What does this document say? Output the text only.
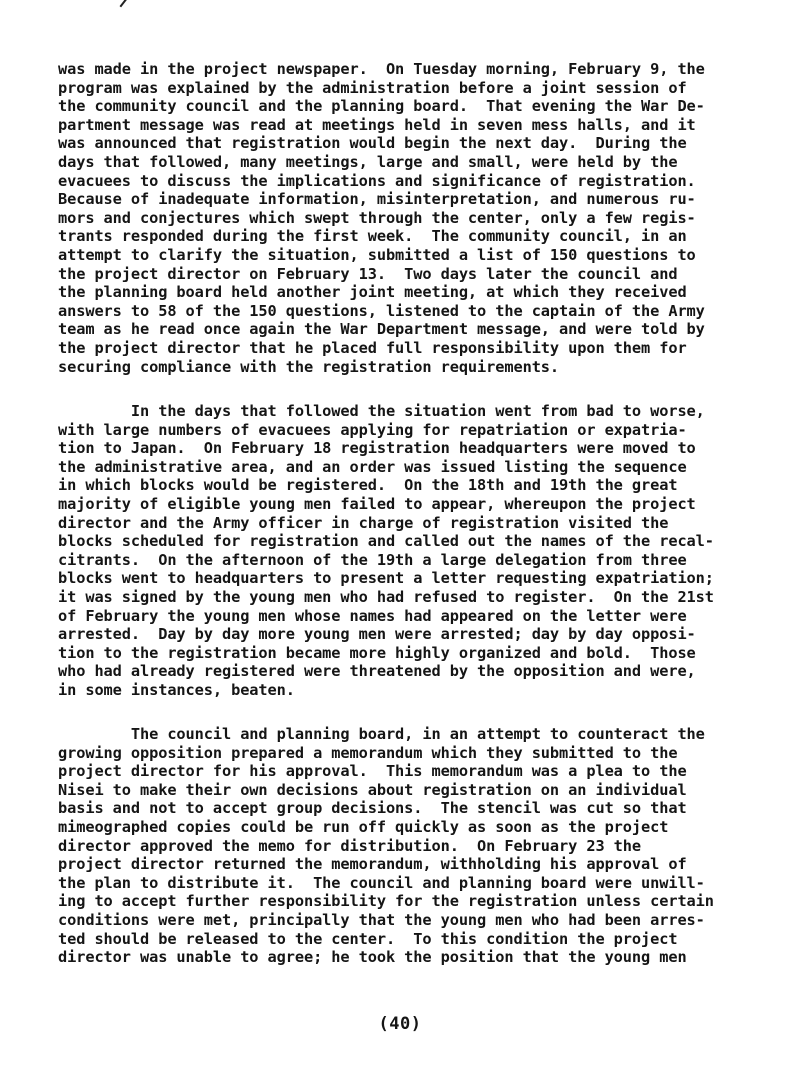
was made in the project newspaper.  On Tuesday morning, February 9, the
program was explained by the administration before a joint session of
the community council and the planning board.  That evening the War De-
partment message was read at meetings held in seven mess halls, and it
was announced that registration would begin the next day.  During the
days that followed, many meetings, large and small, were held by the
evacuees to discuss the implications and significance of registration.
Because of inadequate information, misinterpretation, and numerous ru-
mors and conjectures which swept through the center, only a few regis-
trants responded during the first week.  The community council, in an
attempt to clarify the situation, submitted a list of 150 questions to
the project director on February 13.  Two days later the council and
the planning board held another joint meeting, at which they received
answers to 58 of the 150 questions, listened to the captain of the Army
team as he read once again the War Department message, and were told by
the project director that he placed full responsibility upon them for
securing compliance with the registration requirements.
In the days that followed the situation went from bad to worse,
with large numbers of evacuees applying for repatriation or expatria-
tion to Japan.  On February 18 registration headquarters were moved to
the administrative area, and an order was issued listing the sequence
in which blocks would be registered.  On the 18th and 19th the great
majority of eligible young men failed to appear, whereupon the project
director and the Army officer in charge of registration visited the
blocks scheduled for registration and called out the names of the recal-
citrants.  On the afternoon of the 19th a large delegation from three
blocks went to headquarters to present a letter requesting expatriation;
it was signed by the young men who had refused to register.  On the 21st
of February the young men whose names had appeared on the letter were
arrested.  Day by day more young men were arrested; day by day opposi-
tion to the registration became more highly organized and bold.  Those
who had already registered were threatened by the opposition and were,
in some instances, beaten.
The council and planning board, in an attempt to counteract the
growing opposition prepared a memorandum which they submitted to the
project director for his approval.  This memorandum was a plea to the
Nisei to make their own decisions about registration on an individual
basis and not to accept group decisions.  The stencil was cut so that
mimeographed copies could be run off quickly as soon as the project
director approved the memo for distribution.  On February 23 the
project director returned the memorandum, withholding his approval of
the plan to distribute it.  The council and planning board were unwill-
ing to accept further responsibility for the registration unless certain
conditions were met, principally that the young men who had been arres-
ted should be released to the center.  To this condition the project
director was unable to agree; he took the position that the young men
(40)
